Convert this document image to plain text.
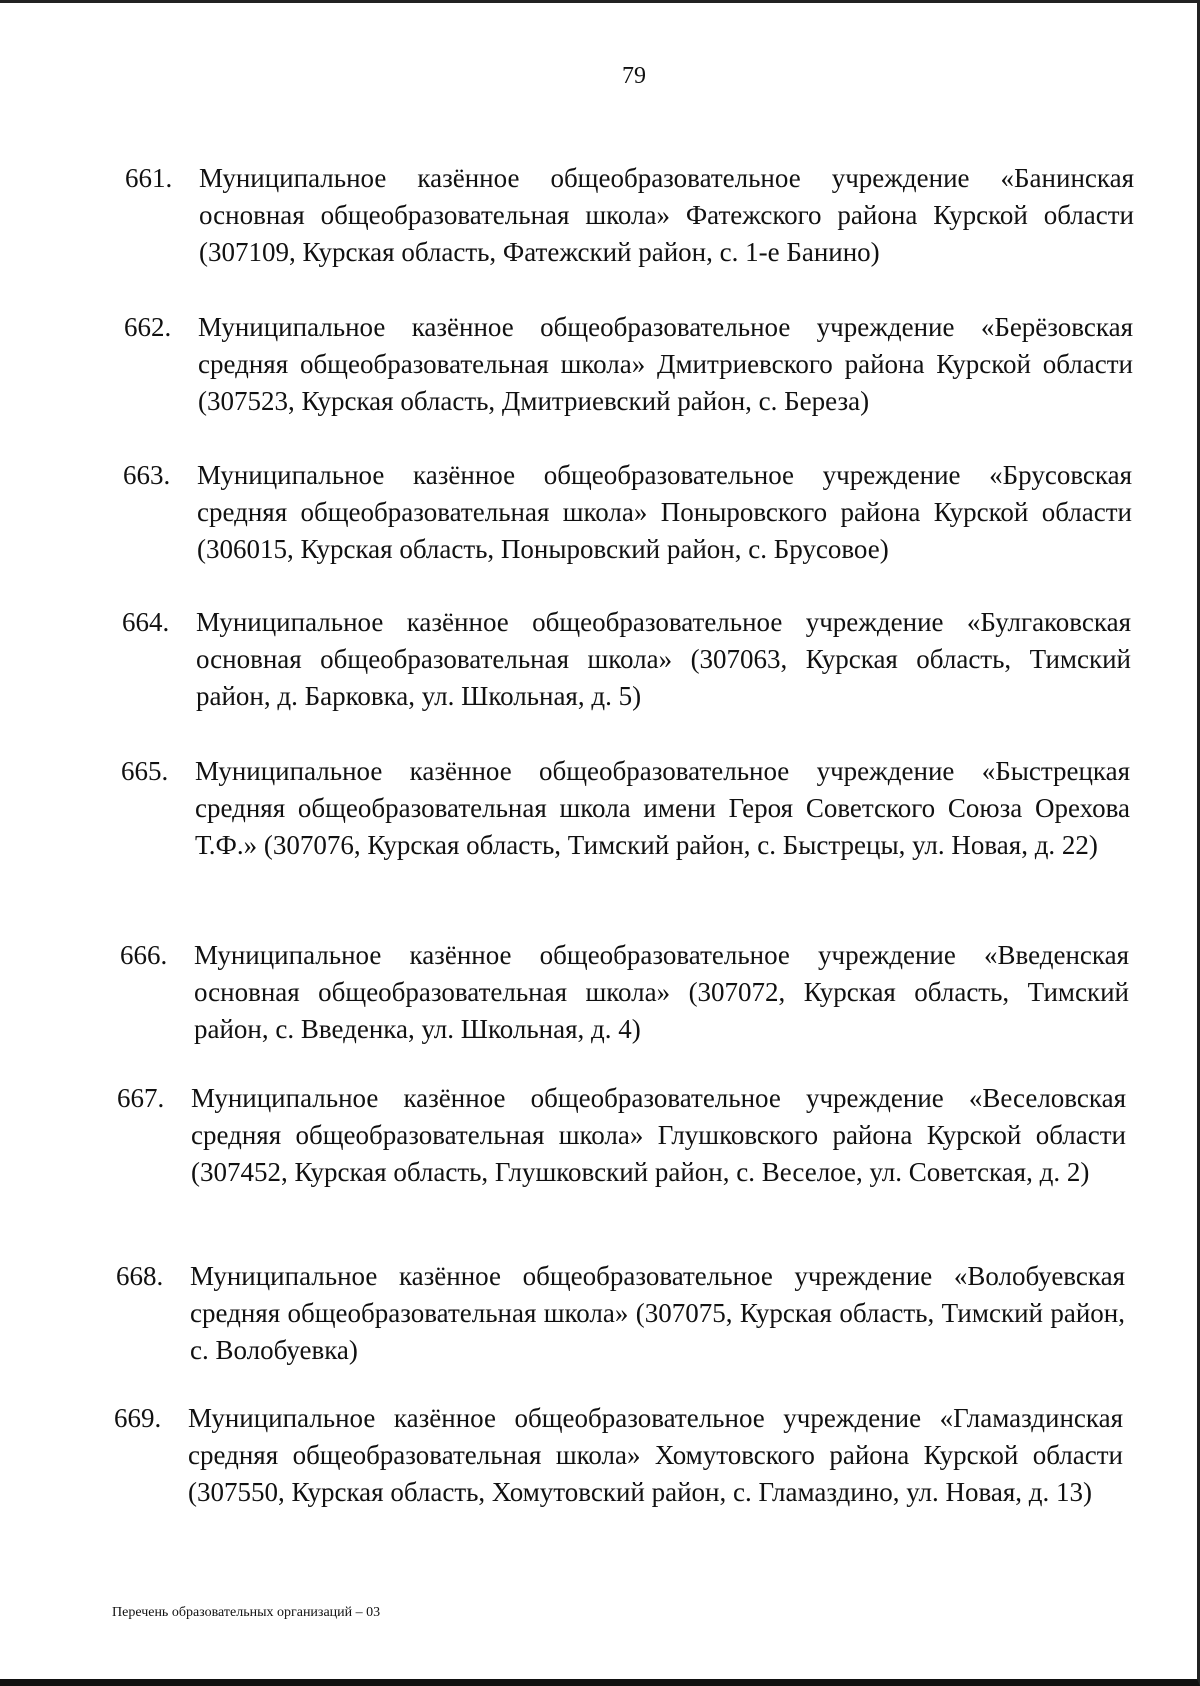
79
661. Муниципальное казённое общеобразовательное учреждение «Банинская основная общеобразовательная школа» Фатежского района Курской области (307109, Курская область, Фатежский район, с. 1-е Банино)
662. Муниципальное казённое общеобразовательное учреждение «Берёзовская средняя общеобразовательная школа» Дмитриевского района Курской области (307523, Курская область, Дмитриевский район, с. Береза)
663. Муниципальное казённое общеобразовательное учреждение «Брусовская средняя общеобразовательная школа» Поныровского района Курской области (306015, Курская область, Поныровский район, с. Брусовое)
664. Муниципальное казённое общеобразовательное учреждение «Булгаковская основная общеобразовательная школа» (307063, Курская область, Тимский район, д. Барковка, ул. Школьная, д. 5)
665. Муниципальное казённое общеобразовательное учреждение «Быстрецкая средняя общеобразовательная школа имени Героя Советского Союза Орехова Т.Ф.» (307076, Курская область, Тимский район, с. Быстрецы, ул. Новая, д. 22)
666. Муниципальное казённое общеобразовательное учреждение «Введенская основная общеобразовательная школа» (307072, Курская область, Тимский район, с. Введенка, ул. Школьная, д. 4)
667. Муниципальное казённое общеобразовательное учреждение «Веселовская средняя общеобразовательная школа» Глушковского района Курской области (307452, Курская область, Глушковский район, с. Веселое, ул. Советская, д. 2)
668. Муниципальное казённое общеобразовательное учреждение «Волобуевская средняя общеобразовательная школа» (307075, Курская область, Тимский район, с. Волобуевка)
669. Муниципальное казённое общеобразовательное учреждение «Гламаздинская средняя общеобразовательная школа» Хомутовского района Курской области (307550, Курская область, Хомутовский район, с. Гламаздино, ул. Новая, д. 13)
Перечень образовательных организаций – 03
